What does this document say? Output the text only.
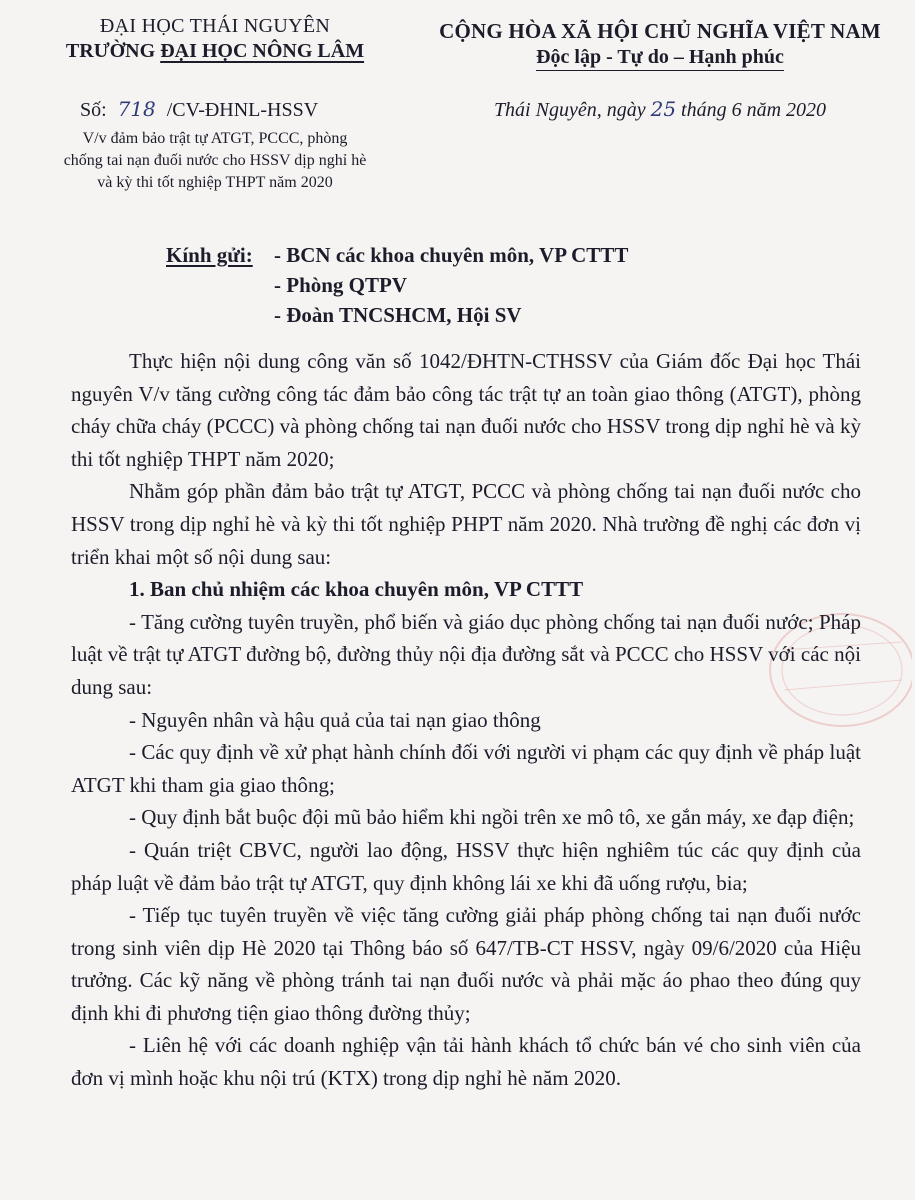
ĐẠI HỌC THÁI NGUYÊN
TRƯỜNG ĐẠI HỌC NÔNG LÂM
CỘNG HÒA XÃ HỘI CHỦ NGHĨA VIỆT NAM
Độc lập - Tự do – Hạnh phúc
Số: 718 /CV-ĐHNL-HSSV
V/v đảm bảo trật tự ATGT, PCCC, phòng
chống tai nạn đuối nước cho HSSV dịp nghỉ hè
và kỳ thi tốt nghiệp THPT năm 2020
Thái Nguyên, ngày 25 tháng 6 năm 2020
Kính gửi: - BCN các khoa chuyên môn, VP CTTT
- Phòng QTPV
- Đoàn TNCSHCM, Hội SV

Thực hiện nội dung công văn số 1042/ĐHTN-CTHSSV của Giám đốc Đại học Thái nguyên V/v tăng cường công tác đảm bảo công tác trật tự an toàn giao thông (ATGT), phòng cháy chữa cháy (PCCC) và phòng chống tai nạn đuối nước cho HSSV trong dịp nghỉ hè và kỳ thi tốt nghiệp THPT năm 2020;

Nhằm góp phần đảm bảo trật tự ATGT, PCCC và phòng chống tai nạn đuối nước cho HSSV trong dịp nghỉ hè và kỳ thi tốt nghiệp PHPT năm 2020. Nhà trường đề nghị các đơn vị triển khai một số nội dung sau:

1. Ban chủ nhiệm các khoa chuyên môn, VP CTTT

- Tăng cường tuyên truyền, phổ biến và giáo dục phòng chống tai nạn đuối nước; Pháp luật về trật tự ATGT đường bộ, đường thủy nội địa đường sắt và PCCC cho HSSV với các nội dung sau:

- Nguyên nhân và hậu quả của tai nạn giao thông

- Các quy định về xử phạt hành chính đối với người vi phạm các quy định về pháp luật ATGT khi tham gia giao thông;

- Quy định bắt buộc đội mũ bảo hiểm khi ngồi trên xe mô tô, xe gắn máy, xe đạp điện;

- Quán triệt CBVC, người lao động, HSSV thực hiện nghiêm túc các quy định của pháp luật về đảm bảo trật tự ATGT, quy định không lái xe khi đã uống rượu, bia;

- Tiếp tục tuyên truyền về việc tăng cường giải pháp phòng chống tai nạn đuối nước trong sinh viên dịp Hè 2020 tại Thông báo số 647/TB-CT HSSV, ngày 09/6/2020 của Hiệu trưởng. Các kỹ năng về phòng tránh tai nạn đuối nước và phải mặc áo phao theo đúng quy định khi đi phương tiện giao thông đường thủy;

- Liên hệ với các doanh nghiệp vận tải hành khách tổ chức bán vé cho sinh viên của đơn vị mình hoặc khu nội trú (KTX) trong dịp nghỉ hè năm 2020.
